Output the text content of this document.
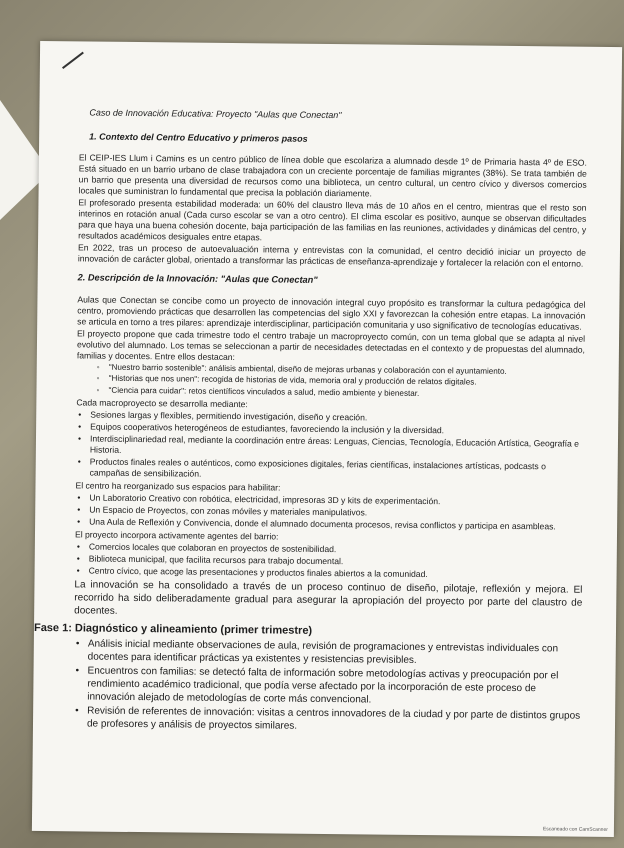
Caso de Innovación Educativa: Proyecto "Aulas que Conectan"
1. Contexto del Centro Educativo y primeros pasos

El CEIP-IES Llum i Camins es un centro público de línea doble que escolariza a alumnado desde 1º de Primaria hasta 4º de ESO. Está situado en un barrio urbano de clase trabajadora con un creciente porcentaje de familias migrantes (38%). Se trata también de un barrio que presenta una diversidad de recursos como una biblioteca, un centro cultural, un centro cívico y diversos comercios locales que suministran lo fundamental que precisa la población diariamente.

El profesorado presenta estabilidad moderada: un 60% del claustro lleva más de 10 años en el centro, mientras que el resto son interinos en rotación anual (Cada curso escolar se van a otro centro). El clima escolar es positivo, aunque se observan dificultades para que haya una buena cohesión docente, baja participación de las familias en las reuniones, actividades y dinámicas del centro, y resultados académicos desiguales entre etapas.

En 2022, tras un proceso de autoevaluación interna y entrevistas con la comunidad, el centro decidió iniciar un proyecto de innovación de carácter global, orientado a transformar las prácticas de enseñanza-aprendizaje y fortalecer la relación con el entorno.

2. Descripción de la Innovación: "Aulas que Conectan"

Aulas que Conectan se concibe como un proyecto de innovación integral cuyo propósito es transformar la cultura pedagógica del centro, promoviendo prácticas que desarrollen las competencias del siglo XXI y favorezcan la cohesión entre etapas. La innovación se articula en torno a tres pilares: aprendizaje interdisciplinar, participación comunitaria y uso significativo de tecnologías educativas.

El proyecto propone que cada trimestre todo el centro trabaje un macroproyecto común, con un tema global que se adapta al nivel evolutivo del alumnado. Los temas se seleccionan a partir de necesidades detectadas en el contexto y de propuestas del alumnado, familias y docentes. Entre ellos destacan:

◦ "Nuestro barrio sostenible": análisis ambiental, diseño de mejoras urbanas y colaboración con el ayuntamiento.
◦ "Historias que nos unen": recogida de historias de vida, memoria oral y producción de relatos digitales.
◦ "Ciencia para cuidar": retos científicos vinculados a salud, medio ambiente y bienestar.

Cada macroproyecto se desarrolla mediante:

• Sesiones largas y flexibles, permitiendo investigación, diseño y creación.
• Equipos cooperativos heterogéneos de estudiantes, favoreciendo la inclusión y la diversidad.
• Interdisciplinariedad real, mediante la coordinación entre áreas: Lenguas, Ciencias, Tecnología, Educación Artística, Geografía e Historia.
• Productos finales reales o auténticos, como exposiciones digitales, ferias científicas, instalaciones artísticas, podcasts o campañas de sensibilización.

El centro ha reorganizado sus espacios para habilitar:

• Un Laboratorio Creativo con robótica, electricidad, impresoras 3D y kits de experimentación.
• Un Espacio de Proyectos, con zonas móviles y materiales manipulativos.
• Una Aula de Reflexión y Convivencia, donde el alumnado documenta procesos, revisa conflictos y participa en asambleas.

El proyecto incorpora activamente agentes del barrio:

• Comercios locales que colaboran en proyectos de sostenibilidad.
• Biblioteca municipal, que facilita recursos para trabajo documental.
• Centro cívico, que acoge las presentaciones y productos finales abiertos a la comunidad.

La innovación se ha consolidado a través de un proceso continuo de diseño, pilotaje, reflexión y mejora. El recorrido ha sido deliberadamente gradual para asegurar la apropiación del proyecto por parte del claustro de docentes.

Fase 1: Diagnóstico y alineamiento (primer trimestre)
• Análisis inicial mediante observaciones de aula, revisión de programaciones y entrevistas individuales con docentes para identificar prácticas ya existentes y resistencias previsibles.
• Encuentros con familias: se detectó falta de información sobre metodologías activas y preocupación por el rendimiento académico tradicional, que podía verse afectado por la incorporación de este proceso de innovación alejado de metodologías de corte más convencional.
• Revisión de referentes de innovación: visitas a centros innovadores de la ciudad y por parte de distintos grupos de profesores y análisis de proyectos similares.
Escaneado con CamScanner
